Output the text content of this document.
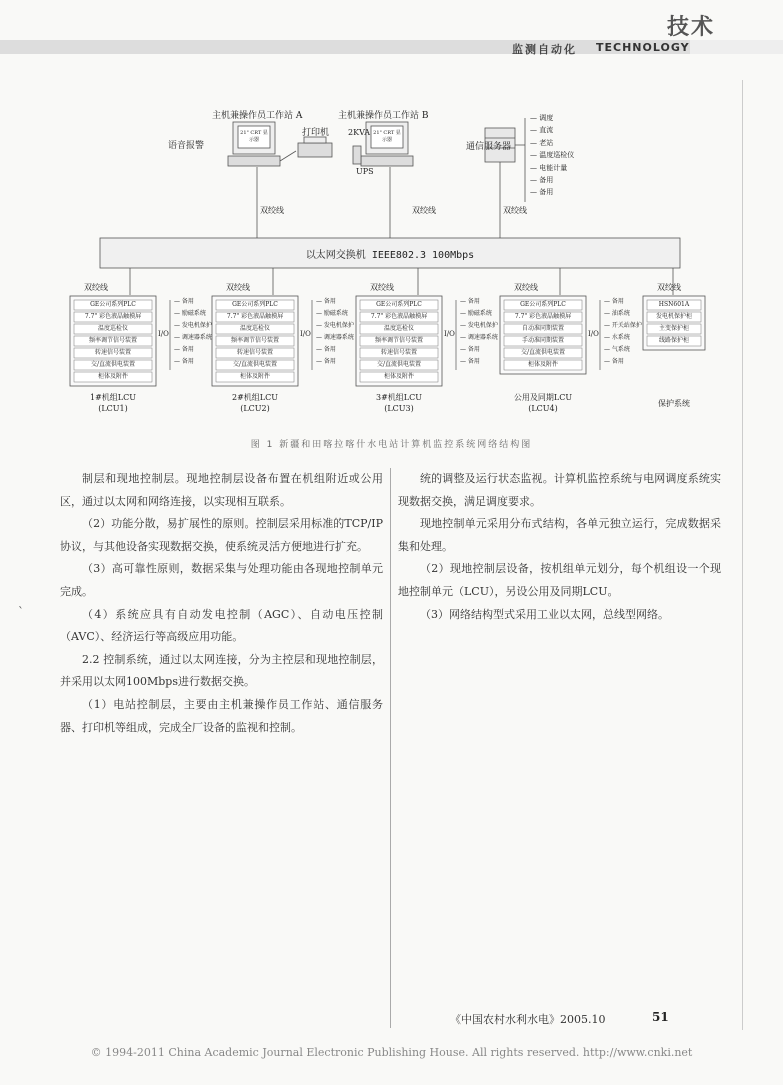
技术
监测自动化 TECHNOLOGY
主机兼操作员工作站 A	主机兼操作员工作站 B
语音报警
打印机 2KVA
UPS
通信服务器
21" CRT 显示器
21" CRT 显示器
— 调度
— 直流
— 老站
— 温度巡检仪
— 电能计量
— 备用
— 备用
双绞线	双绞线	双绞线
以太网交换机 IEEE802.3 100Mbps
双绞线
GE公司系列PLC
7.7" 彩色液晶触摸屏
温度巡检仪
频率调节信号装置
转速信号装置
交/直流供电装置
柜体及附件
I/O
— 备用
— 励磁系统
— 发电机保护
— 调速器系统
— 备用
— 备用
1#机组LCU
(LCU1)
双绞线
GE公司系列PLC
7.7" 彩色液晶触摸屏
温度巡检仪
频率调节信号装置
转速信号装置
交/直流供电装置
柜体及附件
I/O
— 备用
— 励磁系统
— 发电机保护
— 调速器系统
— 备用
— 备用
2#机组LCU
(LCU2)
双绞线
GE公司系列PLC
7.7" 彩色液晶触摸屏
温度巡检仪
频率调节信号装置
转速信号装置
交/直流供电装置
柜体及附件
I/O
— 备用
— 励磁系统
— 发电机保护
— 调速器系统
— 备用
— 备用
3#机组LCU
(LCU3)
双绞线
GE公司系列PLC
7.7" 彩色液晶触摸屏
自动准同期装置
手动准同期装置
交/直流供电装置
柜体及附件
I/O
— 备用
— 油系统
— 开关站保护
— 水系统
— 气系统
— 备用
公用及同期LCU
(LCU4)
双绞线
HSN601A
发电机保护柜
主变保护柜
线路保护柜
保护系统
图 1 新疆和田喀拉喀什水电站计算机监控系统网络结构图
`

制层和现地控制层。现地控制层设备布置在机组附近或公用区，通过以太网和网络连接，以实现相互联系。

（2）功能分散，易扩展性的原则。控制层采用标准的TCP/IP协议，与其他设备实现数据交换，使系统灵活方便地进行扩充。

（3）高可靠性原则，数据采集与处理功能由各现地控制单元完成。

（4）系统应具有自动发电控制（AGC）、自动电压控制（AVC）、经济运行等高级应用功能。

2.2 控制系统，通过以太网连接，分为主控层和现地控制层，并采用以太网100Mbps进行数据交换。

（1）电站控制层，主要由主机兼操作员工作站、通信服务器、打印机等组成，完成全厂设备的监视和控制。

统的调整及运行状态监视。计算机监控系统与电网调度系统实现数据交换，满足调度要求。

现地控制单元采用分布式结构，各单元独立运行，完成数据采集和处理。

（2）现地控制层设备，按机组单元划分，每个机组设一个现地控制单元（LCU），另设公用及同期LCU。

（3）网络结构型式采用工业以太网，总线型网络。

《中国农村水利水电》2005.10	51
© 1994-2011 China Academic Journal Electronic Publishing House. All rights reserved. http://www.cnki.net
